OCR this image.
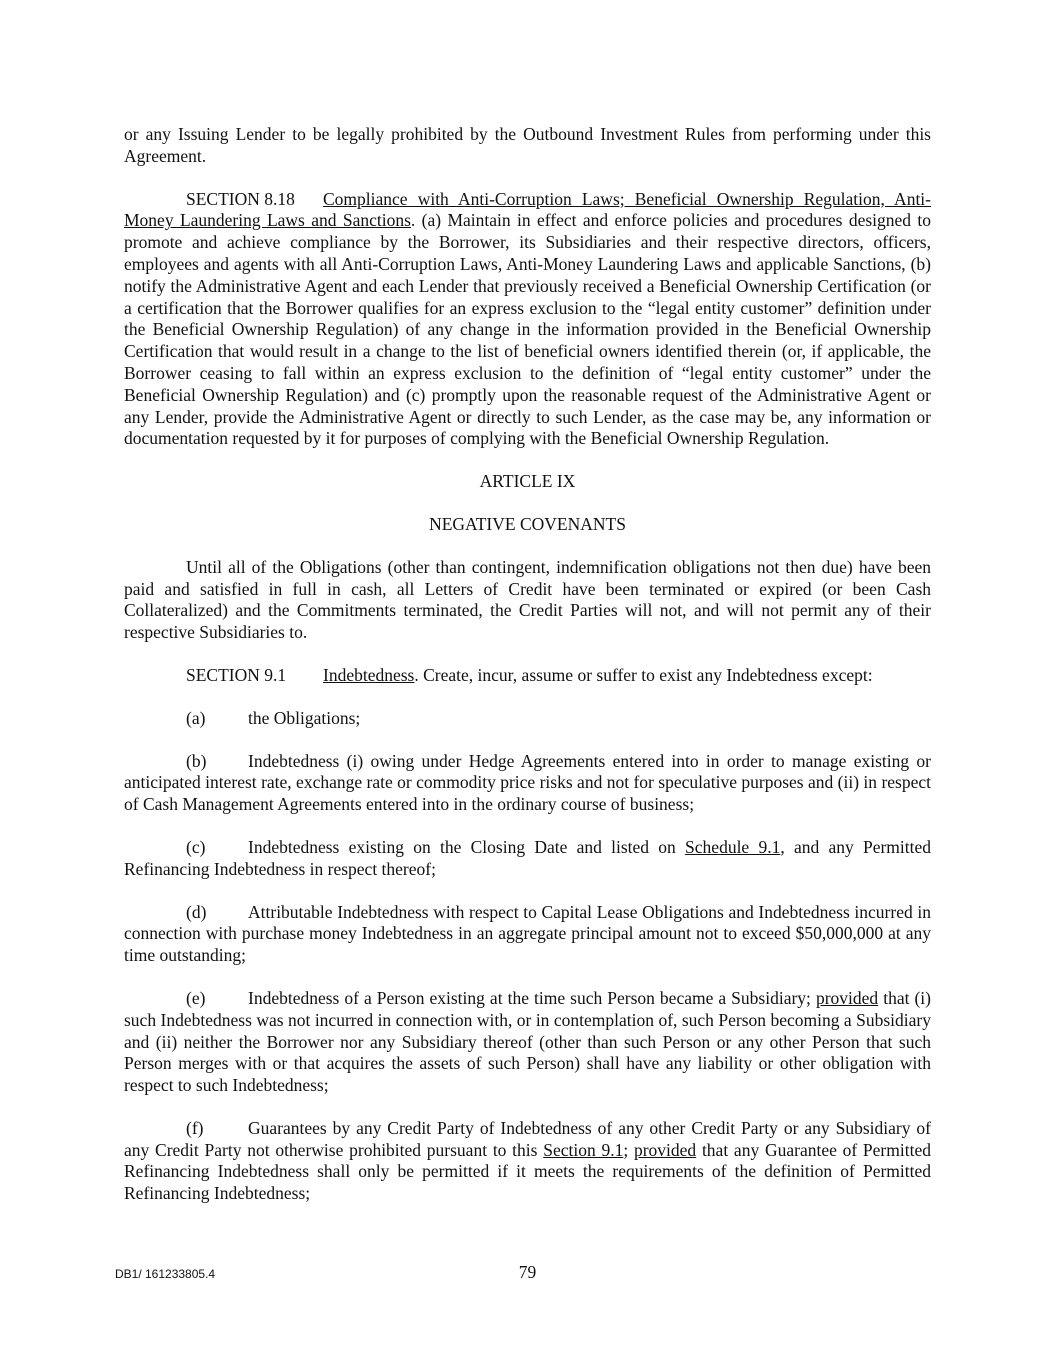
or any Issuing Lender to be legally prohibited by the Outbound Investment Rules from performing under this Agreement.

SECTION 8.18 Compliance with Anti-Corruption Laws; Beneficial Ownership Regulation, Anti-Money Laundering Laws and Sanctions. (a) Maintain in effect and enforce policies and procedures designed to promote and achieve compliance by the Borrower, its Subsidiaries and their respective directors, officers, employees and agents with all Anti-Corruption Laws, Anti-Money Laundering Laws and applicable Sanctions, (b) notify the Administrative Agent and each Lender that previously received a Beneficial Ownership Certification (or a certification that the Borrower qualifies for an express exclusion to the “legal entity customer” definition under the Beneficial Ownership Regulation) of any change in the information provided in the Beneficial Ownership Certification that would result in a change to the list of beneficial owners identified therein (or, if applicable, the Borrower ceasing to fall within an express exclusion to the definition of “legal entity customer” under the Beneficial Ownership Regulation) and (c) promptly upon the reasonable request of the Administrative Agent or any Lender, provide the Administrative Agent or directly to such Lender, as the case may be, any information or documentation requested by it for purposes of complying with the Beneficial Ownership Regulation.

ARTICLE IX

NEGATIVE COVENANTS

Until all of the Obligations (other than contingent, indemnification obligations not then due) have been paid and satisfied in full in cash, all Letters of Credit have been terminated or expired (or been Cash Collateralized) and the Commitments terminated, the Credit Parties will not, and will not permit any of their respective Subsidiaries to.

SECTION 9.1 Indebtedness. Create, incur, assume or suffer to exist any Indebtedness except:

(a) the Obligations;

(b) Indebtedness (i) owing under Hedge Agreements entered into in order to manage existing or anticipated interest rate, exchange rate or commodity price risks and not for speculative purposes and (ii) in respect of Cash Management Agreements entered into in the ordinary course of business;

(c) Indebtedness existing on the Closing Date and listed on Schedule 9.1, and any Permitted Refinancing Indebtedness in respect thereof;

(d) Attributable Indebtedness with respect to Capital Lease Obligations and Indebtedness incurred in connection with purchase money Indebtedness in an aggregate principal amount not to exceed $50,000,000 at any time outstanding;

(e) Indebtedness of a Person existing at the time such Person became a Subsidiary; provided that (i) such Indebtedness was not incurred in connection with, or in contemplation of, such Person becoming a Subsidiary and (ii) neither the Borrower nor any Subsidiary thereof (other than such Person or any other Person that such Person merges with or that acquires the assets of such Person) shall have any liability or other obligation with respect to such Indebtedness;

(f)	Guarantees by any Credit Party of Indebtedness of any other Credit Party or any Subsidiary of any Credit Party not otherwise prohibited pursuant to this Section 9.1; provided that any Guarantee of Permitted Refinancing Indebtedness shall only be permitted if it meets the requirements of the definition of Permitted Refinancing Indebtedness;

DB1/ 161233805.4	79
